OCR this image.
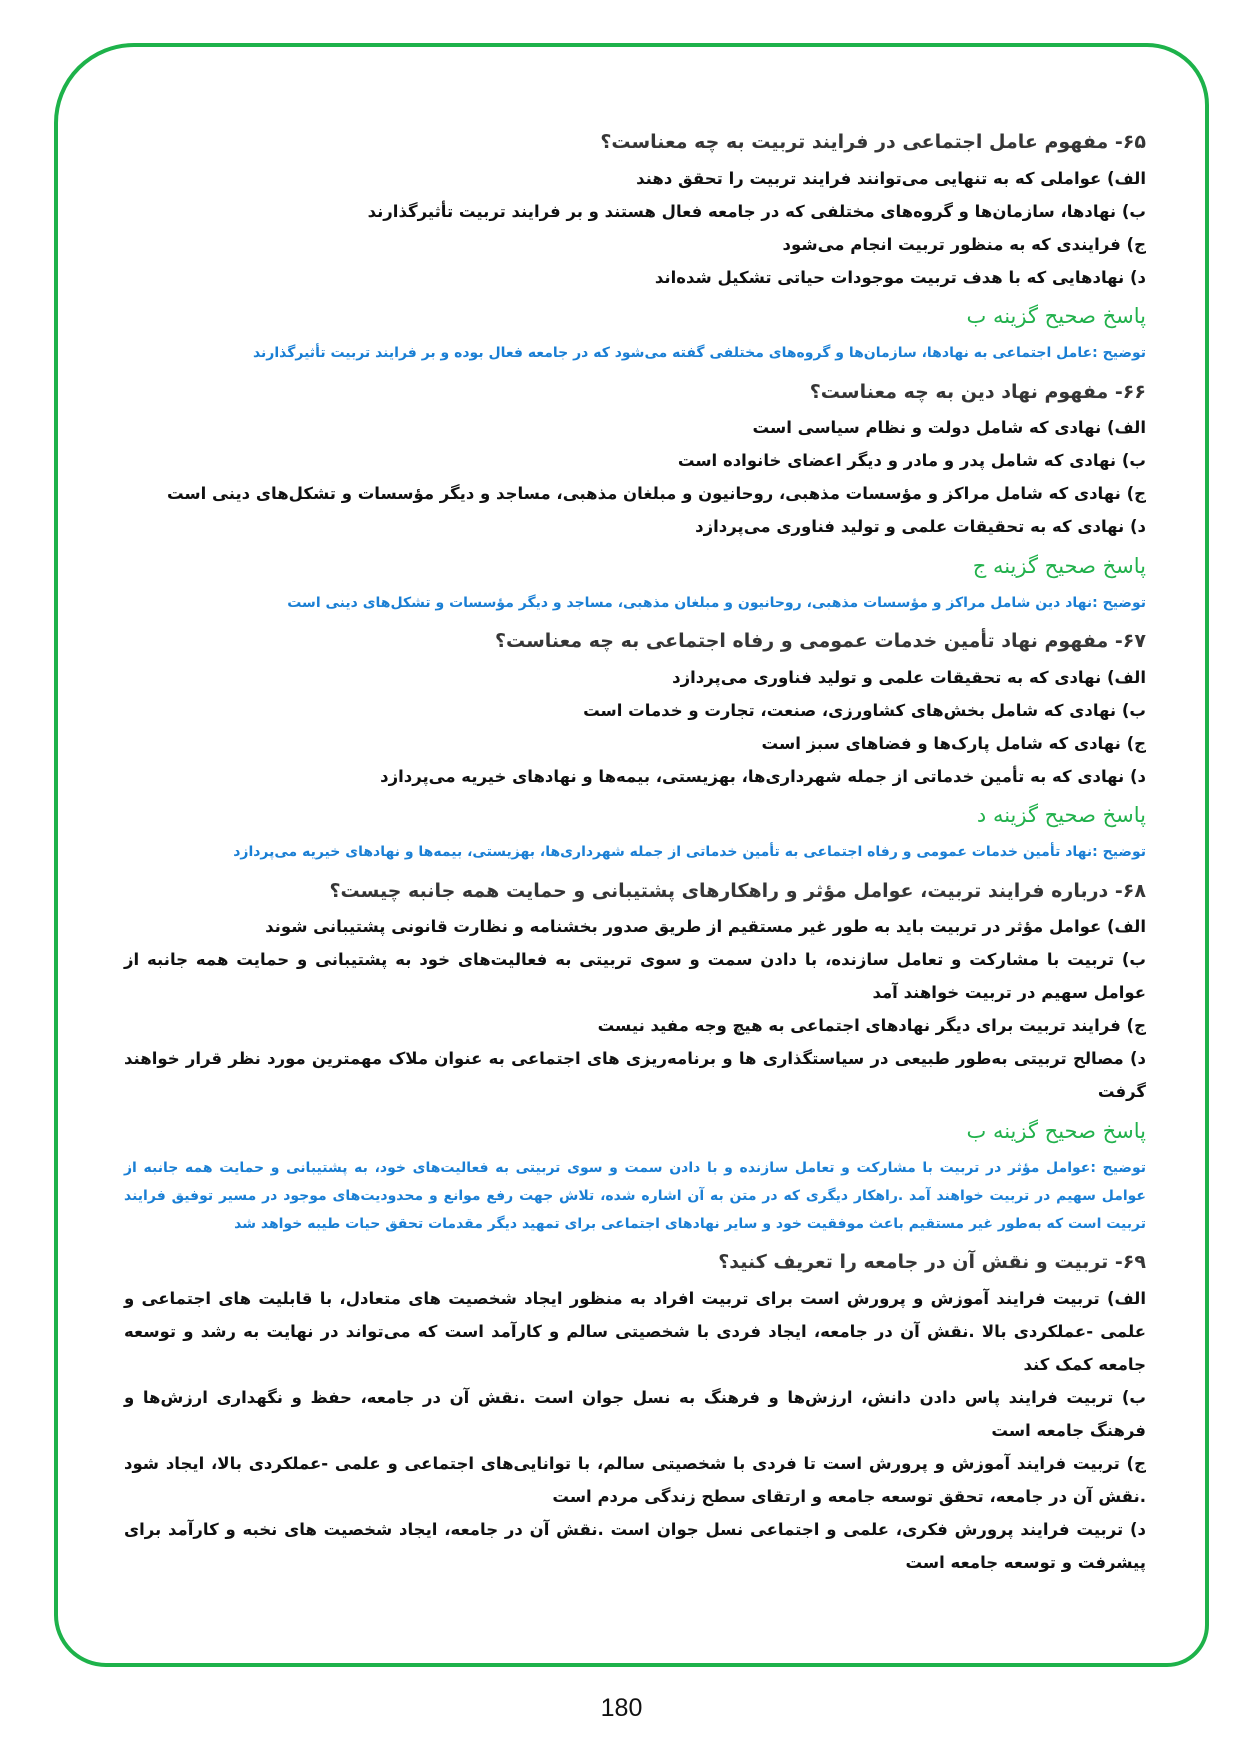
۶۵- مفهوم عامل اجتماعی در فرایند تربیت به چه معناست؟
الف) عواملی که به تنهایی می‌توانند فرایند تربیت را تحقق دهند
ب) نهادها، سازمان‌ها و گروه‌های مختلفی که در جامعه فعال هستند و بر فرایند تربیت تأثیرگذارند
ج) فرایندی که به منظور تربیت انجام می‌شود
د) نهادهایی که با هدف تربیت موجودات حیاتی تشکیل شده‌اند
پاسخ صحیح گزینه ب
توضیح :عامل اجتماعی به نهادها، سازمان‌ها و گروه‌های مختلفی گفته می‌شود که در جامعه فعال بوده و بر فرایند تربیت تأثیرگذارند
۶۶- مفهوم نهاد دین به چه معناست؟
الف) نهادی که شامل دولت و نظام سیاسی است
ب) نهادی که شامل پدر و مادر و دیگر اعضای خانواده است
ج) نهادی که شامل مراکز و مؤسسات مذهبی، روحانیون و مبلغان مذهبی، مساجد و دیگر مؤسسات و تشکل‌های دینی است
د) نهادی که به تحقیقات علمی و تولید فناوری می‌پردازد
پاسخ صحیح گزینه ج
توضیح :نهاد دین شامل مراکز و مؤسسات مذهبی، روحانیون و مبلغان مذهبی، مساجد و دیگر مؤسسات و تشکل‌های دینی است
۶۷- مفهوم نهاد تأمین خدمات عمومی و رفاه اجتماعی به چه معناست؟
الف) نهادی که به تحقیقات علمی و تولید فناوری می‌پردازد
ب) نهادی که شامل بخش‌های کشاورزی، صنعت، تجارت و خدمات است
ج) نهادی که شامل پارک‌ها و فضاهای سبز است
د) نهادی که به تأمین خدماتی از جمله شهرداری‌ها، بهزیستی، بیمه‌ها و نهادهای خیریه می‌پردازد
پاسخ صحیح گزینه د
توضیح :نهاد تأمین خدمات عمومی و رفاه اجتماعی به تأمین خدماتی از جمله شهرداری‌ها، بهزیستی، بیمه‌ها و نهادهای خیریه می‌پردازد
۶۸- درباره فرایند تربیت، عوامل مؤثر و راهکارهای پشتیبانی و حمایت همه جانبه چیست؟
الف) عوامل مؤثر در تربیت باید به طور غیر مستقیم از طریق صدور بخشنامه و نظارت قانونی پشتیبانی شوند
ب) تربیت با مشارکت و تعامل سازنده، با دادن سمت و سوی تربیتی به فعالیت‌های خود به پشتیبانی و حمایت همه جانبه از عوامل سهیم در تربیت خواهند آمد
ج) فرایند تربیت برای دیگر نهادهای اجتماعی به هیچ وجه مفید نیست
د) مصالح تربیتی به‌طور طبیعی در سیاستگذاری ها و برنامه‌ریزی های اجتماعی به عنوان ملاک مهمترین مورد نظر قرار خواهند گرفت
پاسخ صحیح گزینه ب
توضیح :عوامل مؤثر در تربیت با مشارکت و تعامل سازنده و با دادن سمت و سوی تربیتی به فعالیت‌های خود، به پشتیبانی و حمایت همه جانبه از عوامل سهیم در تربیت خواهند آمد .راهکار دیگری که در متن به آن اشاره شده، تلاش جهت رفع موانع و محدودیت‌های موجود در مسیر توفیق فرایند تربیت است که به‌طور غیر مستقیم باعث موفقیت خود و سایر نهادهای اجتماعی برای تمهید دیگر مقدمات تحقق حیات طیبه خواهد شد
۶۹- تربیت و نقش آن در جامعه را تعریف کنید؟
الف) تربیت فرایند آموزش و پرورش است برای تربیت افراد به منظور ایجاد شخصیت های متعادل، با قابلیت های اجتماعی و علمی -عملکردی بالا .نقش آن در جامعه، ایجاد فردی با شخصیتی سالم و کارآمد است که می‌تواند در نهایت به رشد و توسعه جامعه کمک کند
ب) تربیت فرایند پاس دادن دانش، ارزش‌ها و فرهنگ به نسل جوان است .نقش آن در جامعه، حفظ و نگهداری ارزش‌ها و فرهنگ جامعه است
ج) تربیت فرایند آموزش و پرورش است تا فردی با شخصیتی سالم، با توانایی‌های اجتماعی و علمی -عملکردی بالا، ایجاد شود .نقش آن در جامعه، تحقق توسعه جامعه و ارتقای سطح زندگی مردم است
د) تربیت فرایند پرورش فکری، علمی و اجتماعی نسل جوان است .نقش آن در جامعه، ایجاد شخصیت های نخبه و کارآمد برای پیشرفت و توسعه جامعه است
180
